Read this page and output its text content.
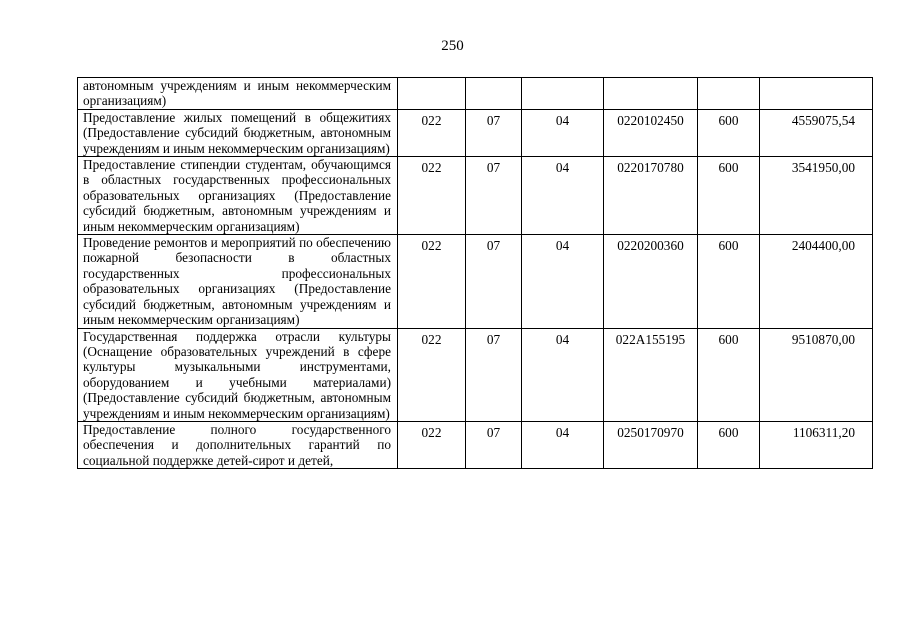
250
автономным учреждениям и иным некоммерческим организациям)						
Предоставление жилых помещений в общежитиях (Предоставление субсидий бюджетным, автономным учреждениям и иным некоммерческим организациям)	022	07	04	0220102450	600	4559075,54
Предоставление стипендии студентам, обучающимся в областных государственных профессиональных образовательных организациях (Предоставление субсидий бюджетным, автономным учреждениям и иным некоммерческим организациям)	022	07	04	0220170780	600	3541950,00
Проведение ремонтов и мероприятий по обеспечению пожарной безопасности в областных государственных профессиональных образовательных организациях (Предоставление субсидий бюджетным, автономным учреждениям и иным некоммерческим организациям)	022	07	04	0220200360	600	2404400,00
Государственная поддержка отрасли культуры (Оснащение образовательных учреждений в сфере культуры музыкальными инструментами, оборудованием и учебными материалами) (Предоставление субсидий бюджетным, автономным учреждениям и иным некоммерческим организациям)	022	07	04	022A155195	600	9510870,00
Предоставление полного государственного обеспечения и дополнительных гарантий по социальной поддержке детей-сирот и детей,	022	07	04	0250170970	600	1106311,20
